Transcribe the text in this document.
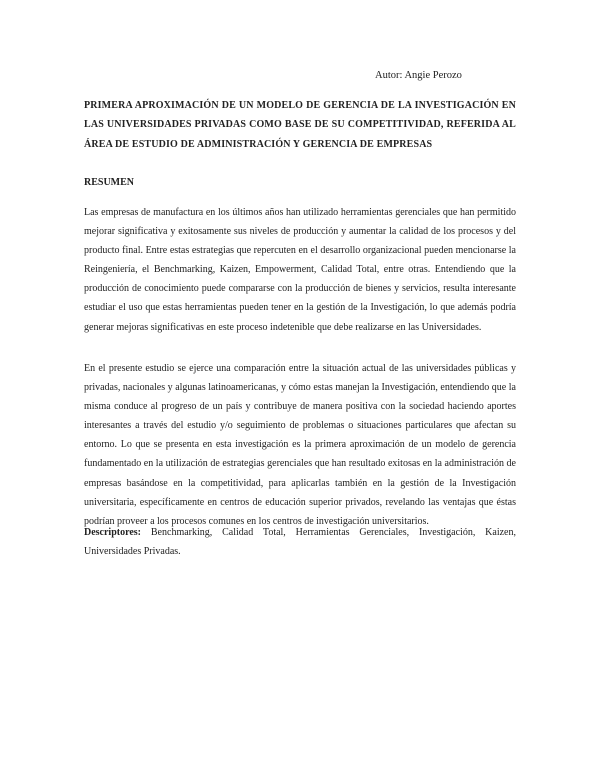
Autor: Angie Perozo
PRIMERA APROXIMACIÓN DE UN MODELO DE GERENCIA DE LA INVESTIGACIÓN EN LAS UNIVERSIDADES PRIVADAS COMO BASE DE SU COMPETITIVIDAD, REFERIDA AL ÁREA DE ESTUDIO DE ADMINISTRACIÓN Y GERENCIA DE EMPRESAS
RESUMEN

Las empresas de manufactura en los últimos años han utilizado herramientas gerenciales que han permitido mejorar significativa y exitosamente sus niveles de producción y aumentar la calidad de los procesos y del producto final. Entre estas estrategias que repercuten en el desarrollo organizacional pueden mencionarse la Reingeniería, el Benchmarking, Kaizen, Empowerment, Calidad Total, entre otras. Entendiendo que la producción de conocimiento puede compararse con la producción de bienes y servicios, resulta interesante estudiar el uso que estas herramientas pueden tener en la gestión de la Investigación, lo que además podría generar mejoras significativas en este proceso indetenible que debe realizarse en las Universidades.

En el presente estudio se ejerce una comparación entre la situación actual de las universidades públicas y privadas, nacionales y algunas latinoamericanas, y cómo estas manejan la Investigación, entendiendo que la misma conduce al progreso de un país y contribuye de manera positiva con la sociedad haciendo aportes interesantes a través del estudio y/o seguimiento de problemas o situaciones particulares que afectan su entorno. Lo que se presenta en esta investigación es la primera aproximación de un modelo de gerencia fundamentado en la utilización de estrategias gerenciales que han resultado exitosas en la administración de empresas basándose en la competitividad, para aplicarlas también en la gestión de la Investigación universitaria, específicamente en centros de educación superior privados, revelando las ventajas que éstas podrían proveer a los procesos comunes en los centros de investigación universitarios.

Descriptores: Benchmarking, Calidad Total, Herramientas Gerenciales, Investigación, Kaizen, Universidades Privadas.
